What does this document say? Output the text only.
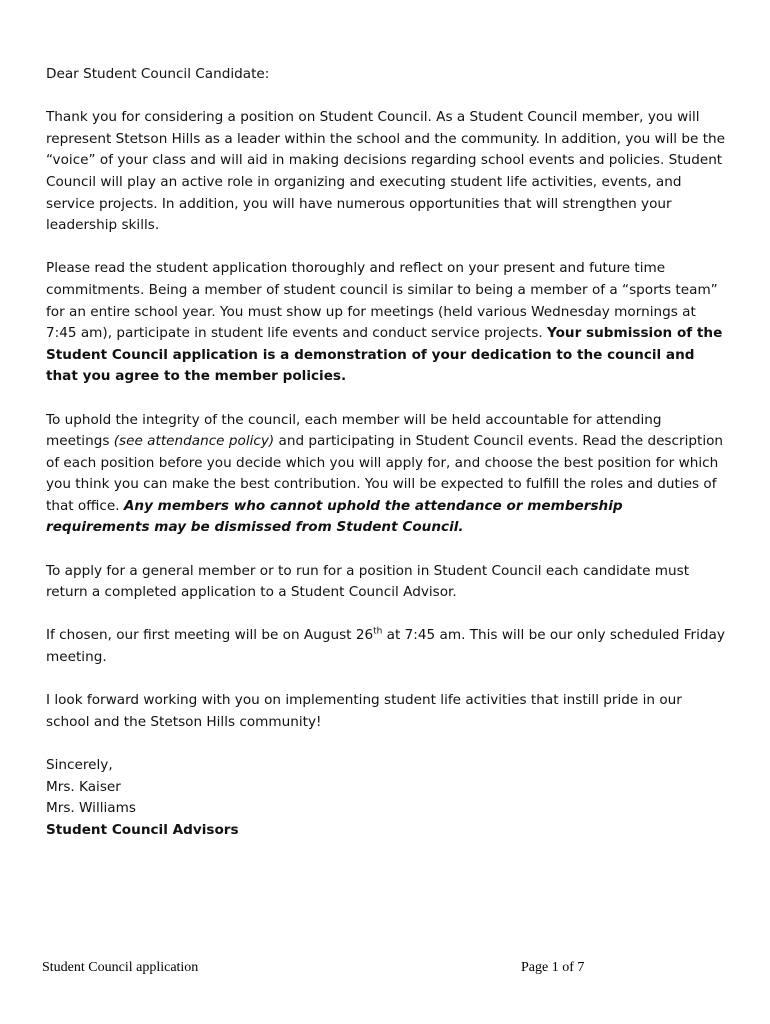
Dear Student Council Candidate:

Thank you for considering a position on Student Council. As a Student Council member, you will represent Stetson Hills as a leader within the school and the community. In addition, you will be the “voice” of your class and will aid in making decisions regarding school events and policies. Student Council will play an active role in organizing and executing student life activities, events, and service projects. In addition, you will have numerous opportunities that will strengthen your leadership skills.

Please read the student application thoroughly and reflect on your present and future time commitments. Being a member of student council is similar to being a member of a “sports team” for an entire school year. You must show up for meetings (held various Wednesday mornings at 7:45 am), participate in student life events and conduct service projects. Your submission of the Student Council application is a demonstration of your dedication to the council and that you agree to the member policies.

To uphold the integrity of the council, each member will be held accountable for attending meetings (see attendance policy) and participating in Student Council events. Read the description of each position before you decide which you will apply for, and choose the best position for which you think you can make the best contribution. You will be expected to fulfill the roles and duties of that office. Any members who cannot uphold the attendance or membership requirements may be dismissed from Student Council.

To apply for a general member or to run for a position in Student Council each candidate must return a completed application to a Student Council Advisor.

If chosen, our first meeting will be on August 26th at 7:45 am. This will be our only scheduled Friday meeting.

I look forward working with you on implementing student life activities that instill pride in our school and the Stetson Hills community!

Sincerely,

Mrs. Kaiser

Mrs. Williams

Student Council Advisors

Student Council application	Page 1 of 7
